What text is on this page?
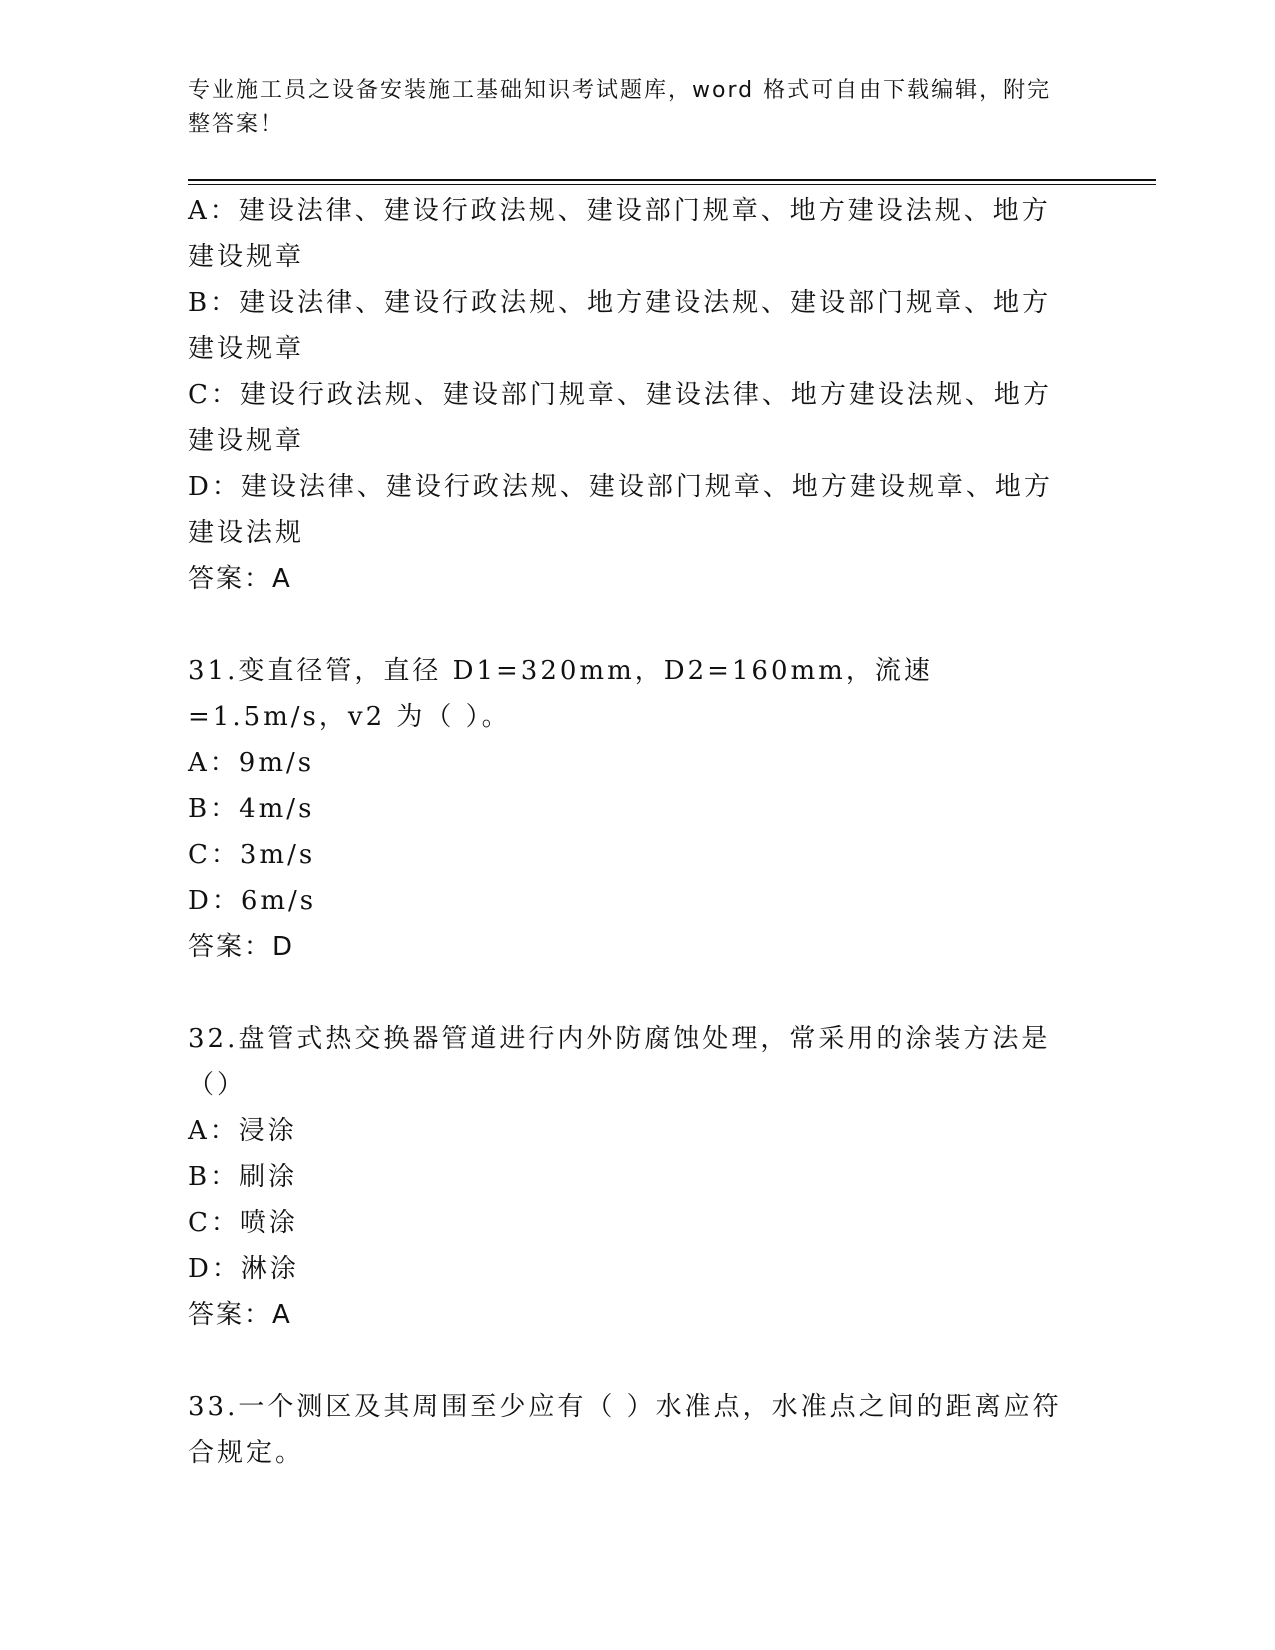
专业施工员之设备安装施工基础知识考试题库，word 格式可自由下载编辑，附完整答案！
A：建设法律、建设行政法规、建设部门规章、地方建设法规、地方建设规章
B：建设法律、建设行政法规、地方建设法规、建设部门规章、地方建设规章
C：建设行政法规、建设部门规章、建设法律、地方建设法规、地方建设规章
D：建设法律、建设行政法规、建设部门规章、地方建设规章、地方建设法规
答案：A
31.变直径管，直径 D1=320mm，D2=160mm，流速=1.5m/s，v2 为（ ）。
A：9m/s
B：4m/s
C：3m/s
D：6m/s
答案：D
32.盘管式热交换器管道进行内外防腐蚀处理，常采用的涂装方法是（）
A：浸涂
B：刷涂
C：喷涂
D：淋涂
答案：A
33.一个测区及其周围至少应有（ ）水准点，水准点之间的距离应符合规定。
